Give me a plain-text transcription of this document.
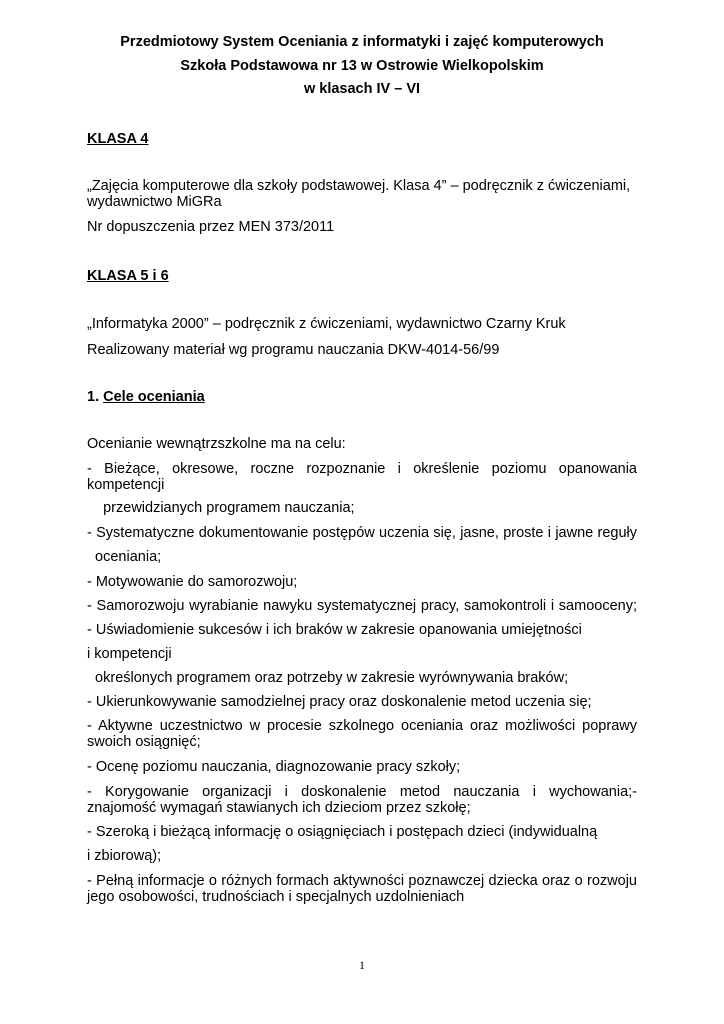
Przedmiotowy System Oceniania z informatyki i zajęć komputerowych
Szkoła Podstawowa nr 13 w Ostrowie Wielkopolskim
w klasach IV – VI
KLASA 4
„Zajęcia komputerowe dla szkoły podstawowej. Klasa 4” – podręcznik z ćwiczeniami,
wydawnictwo MiGRa
Nr dopuszczenia przez MEN 373/2011
KLASA 5 i 6
„Informatyka 2000” – podręcznik z ćwiczeniami, wydawnictwo Czarny Kruk
Realizowany materiał wg programu nauczania DKW-4014-56/99
1. Cele oceniania
Ocenianie wewnątrzszkolne ma na celu:
- Bieżące, okresowe, roczne rozpoznanie i określenie poziomu opanowania
kompetencji
przewidzianych programem nauczania;
- Systematyczne dokumentowanie postępów uczenia się, jasne, proste i jawne reguły
oceniania;
- Motywowanie do samorozwoju;
- Samorozwoju wyrabianie nawyku systematycznej pracy, samokontroli i samooceny;
- Uświadomienie sukcesów i ich braków w zakresie opanowania umiejętności
i kompetencji
określonych programem oraz potrzeby w zakresie wyrównywania braków;
- Ukierunkowywanie samodzielnej pracy oraz doskonalenie metod uczenia się;
- Aktywne uczestnictwo w procesie szkolnego oceniania oraz możliwości poprawy
swoich osiągnięć;
- Ocenę poziomu nauczania, diagnozowanie pracy szkoły;
- Korygowanie organizacji i doskonalenie metod nauczania i wychowania;-
znajomość wymagań stawianych ich dzieciom przez szkołę;
- Szeroką i bieżącą informację o osiągnięciach i postępach dzieci (indywidualną
i zbiorową);
- Pełną informacje o różnych formach aktywności poznawczej dziecka oraz o rozwoju
jego osobowości, trudnościach i specjalnych uzdolnieniach
1
